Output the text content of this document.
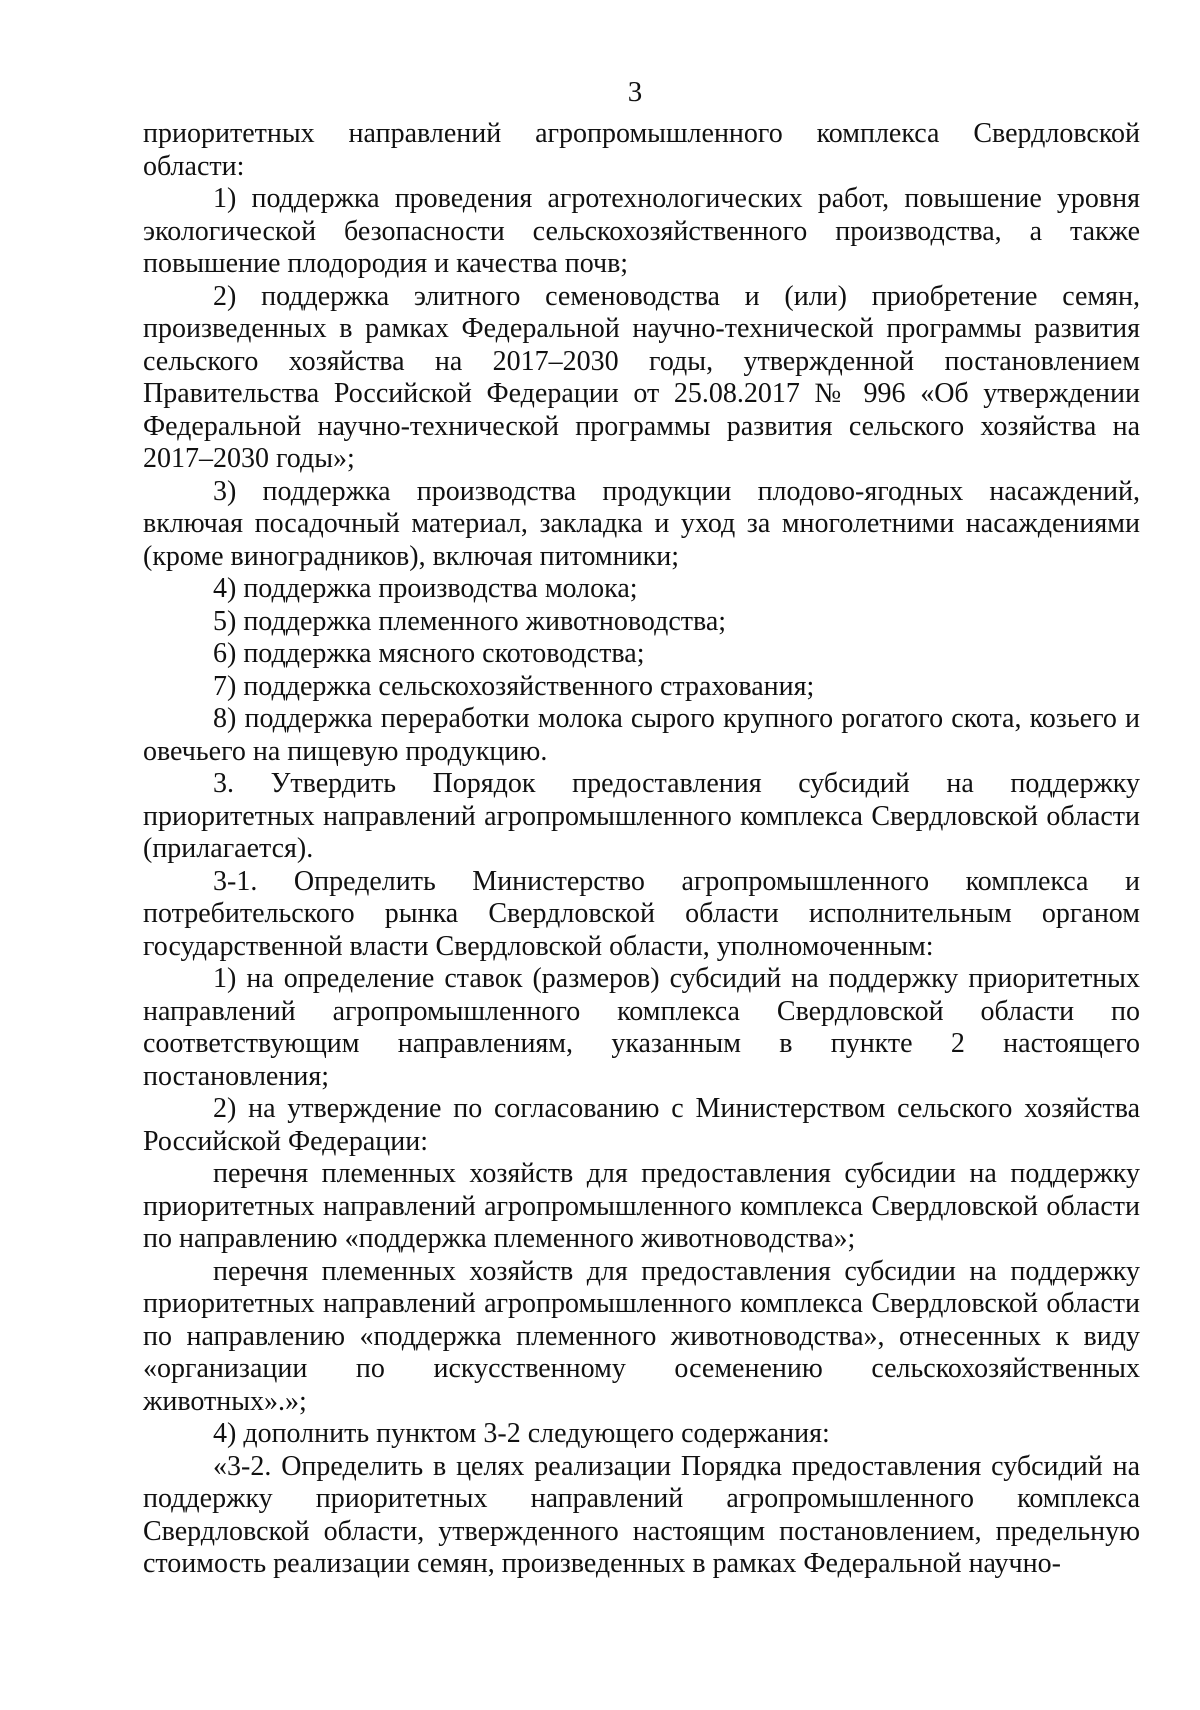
3

приоритетных направлений агропромышленного комплекса Свердловской области:

1) поддержка проведения агротехнологических работ, повышение уровня экологической безопасности сельскохозяйственного производства, а также повышение плодородия и качества почв;

2) поддержка элитного семеноводства и (или) приобретение семян, произведенных в рамках Федеральной научно-технической программы развития сельского хозяйства на 2017–2030 годы, утвержденной постановлением Правительства Российской Федерации от 25.08.2017 № 996 «Об утверждении Федеральной научно-технической программы развития сельского хозяйства на 2017–2030 годы»;

3) поддержка производства продукции плодово-ягодных насаждений, включая посадочный материал, закладка и уход за многолетними насаждениями (кроме виноградников), включая питомники;

4) поддержка производства молока;

5) поддержка племенного животноводства;

6) поддержка мясного скотоводства;

7) поддержка сельскохозяйственного страхования;

8) поддержка переработки молока сырого крупного рогатого скота, козьего и овечьего на пищевую продукцию.

3. Утвердить Порядок предоставления субсидий на поддержку приоритетных направлений агропромышленного комплекса Свердловской области (прилагается).

3-1. Определить Министерство агропромышленного комплекса и потребительского рынка Свердловской области исполнительным органом государственной власти Свердловской области, уполномоченным:

1) на определение ставок (размеров) субсидий на поддержку приоритетных направлений агропромышленного комплекса Свердловской области по соответствующим направлениям, указанным в пункте 2 настоящего постановления;

2) на утверждение по согласованию с Министерством сельского хозяйства Российской Федерации:

перечня племенных хозяйств для предоставления субсидии на поддержку приоритетных направлений агропромышленного комплекса Свердловской области по направлению «поддержка племенного животноводства»;

перечня племенных хозяйств для предоставления субсидии на поддержку приоритетных направлений агропромышленного комплекса Свердловской области по направлению «поддержка племенного животноводства», отнесенных к виду «организации по искусственному осеменению сельскохозяйственных животных».»;

4) дополнить пунктом 3-2 следующего содержания:

«3-2. Определить в целях реализации Порядка предоставления субсидий на поддержку приоритетных направлений агропромышленного комплекса Свердловской области, утвержденного настоящим постановлением, предельную стоимость реализации семян, произведенных в рамках Федеральной научно-
